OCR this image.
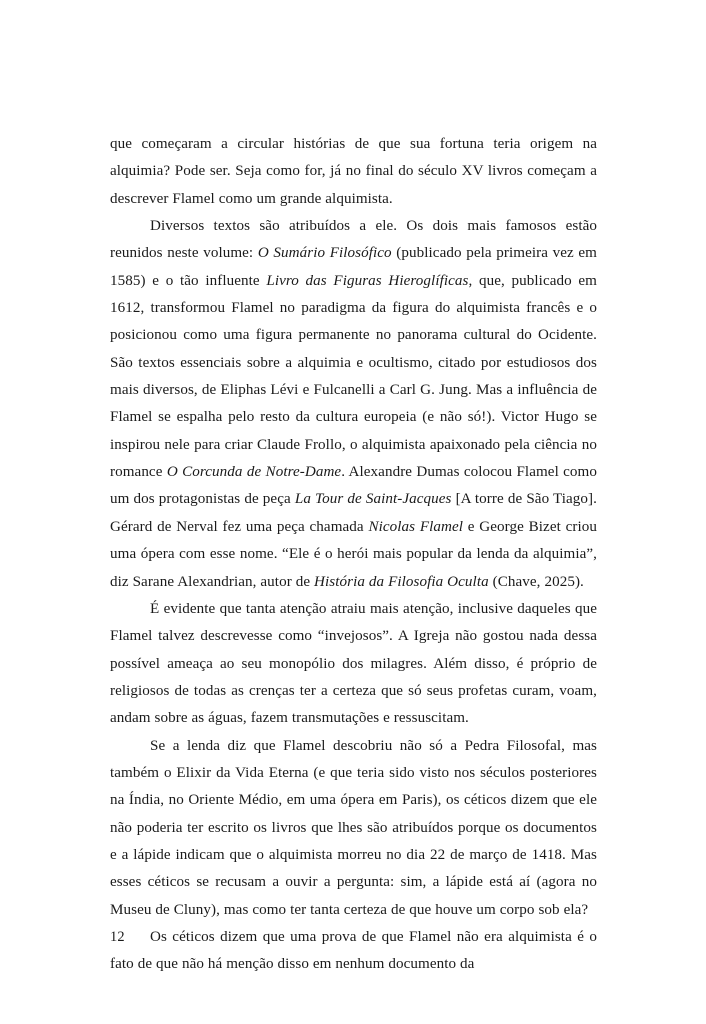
que começaram a circular histórias de que sua fortuna teria origem na alquimia? Pode ser. Seja como for, já no final do século XV livros começam a descrever Flamel como um grande alquimista.

Diversos textos são atribuídos a ele. Os dois mais famosos estão reunidos neste volume: O Sumário Filosófico (publicado pela primeira vez em 1585) e o tão influente Livro das Figuras Hieroglíficas, que, publicado em 1612, transformou Flamel no paradigma da figura do alquimista francês e o posicionou como uma figura permanente no panorama cultural do Ocidente. São textos essenciais sobre a alquimia e ocultismo, citado por estudiosos dos mais diversos, de Eliphas Lévi e Fulcanelli a Carl G. Jung. Mas a influência de Flamel se espalha pelo resto da cultura europeia (e não só!). Victor Hugo se inspirou nele para criar Claude Frollo, o alquimista apaixonado pela ciência no romance O Corcunda de Notre-Dame. Alexandre Dumas colocou Flamel como um dos protagonistas de peça La Tour de Saint-Jacques [A torre de São Tiago]. Gérard de Nerval fez uma peça chamada Nicolas Flamel e George Bizet criou uma ópera com esse nome. “Ele é o herói mais popular da lenda da alquimia”, diz Sarane Alexandrian, autor de História da Filosofia Oculta (Chave, 2025).

É evidente que tanta atenção atraiu mais atenção, inclusive daqueles que Flamel talvez descrevesse como “invejosos”. A Igreja não gostou nada dessa possível ameaça ao seu monopólio dos milagres. Além disso, é próprio de religiosos de todas as crenças ter a certeza que só seus profetas curam, voam, andam sobre as águas, fazem transmutações e ressuscitam.

Se a lenda diz que Flamel descobriu não só a Pedra Filosofal, mas também o Elixir da Vida Eterna (e que teria sido visto nos séculos posteriores na Índia, no Oriente Médio, em uma ópera em Paris), os céticos dizem que ele não poderia ter escrito os livros que lhes são atribuídos porque os documentos e a lápide indicam que o alquimista morreu no dia 22 de março de 1418. Mas esses céticos se recusam a ouvir a pergunta: sim, a lápide está aí (agora no Museu de Cluny), mas como ter tanta certeza de que houve um corpo sob ela?

Os céticos dizem que uma prova de que Flamel não era alquimista é o fato de que não há menção disso em nenhum documento da

12
